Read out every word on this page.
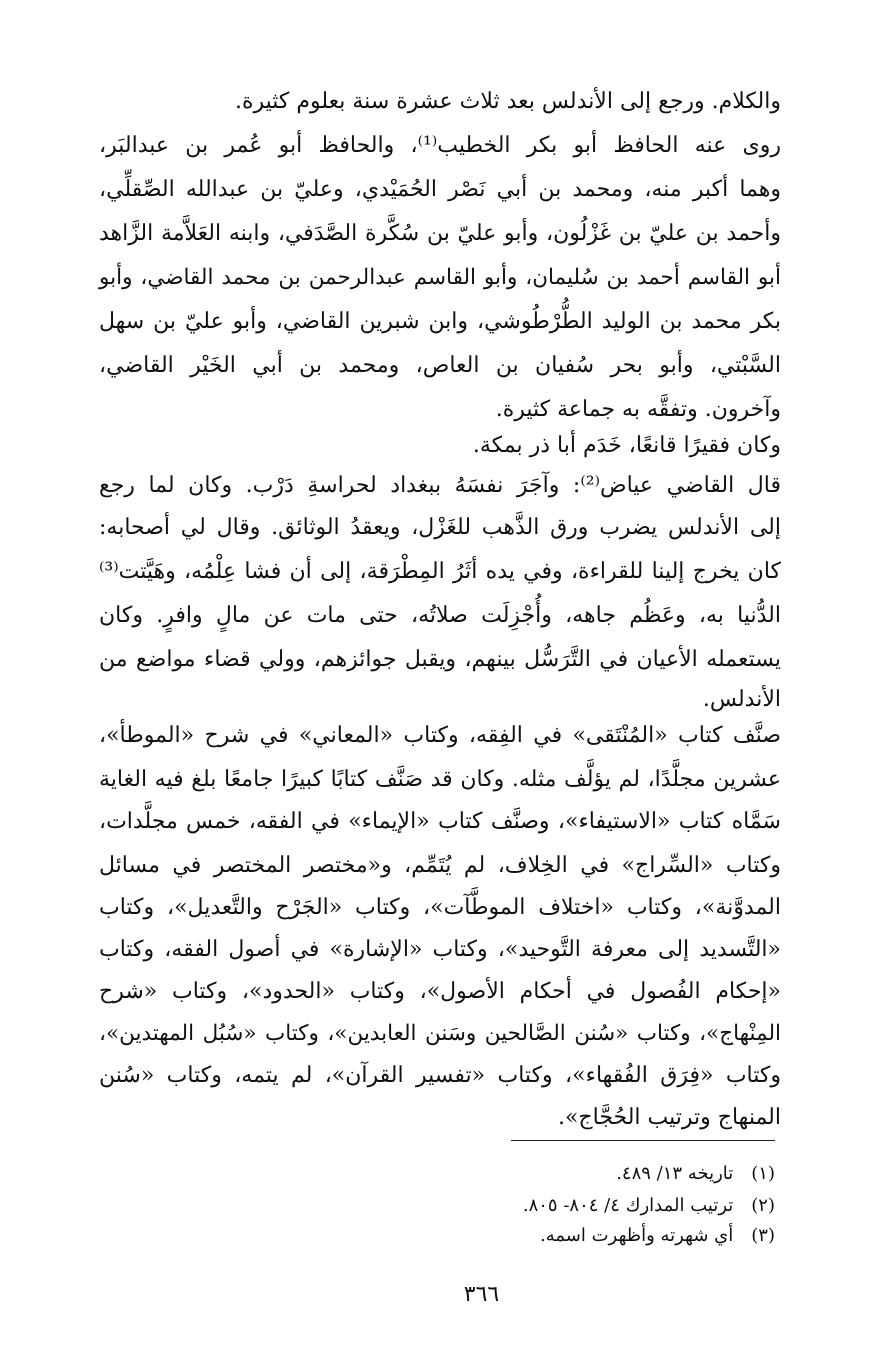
والكلام. ورجع إلى الأندلس بعد ثلاث عشرة سنة بعلوم كثيرة.
روى عنه الحافظ أبو بكر الخطيب⁽¹⁾، والحافظ أبو عُمر بن عبدالبَر،
وهما أكبر منه، ومحمد بن أبي نَصْر الحُمَيْدي، وعليّ بن عبدالله الصِّقلِّي،
وأحمد بن عليّ بن غَزْلُون، وأبو عليّ بن سُكَّرة الصَّدَفي، وابنه العَلاَّمة الزَّاهد
أبو القاسم أحمد بن سُليمان، وأبو القاسم عبدالرحمن بن محمد القاضي، وأبو
بكر محمد بن الوليد الطُّرْطُوشي، وابن شبرين القاضي، وأبو عليّ بن سهل
السَّبْتي، وأبو بحر سُفيان بن العاص، ومحمد بن أبي الخَيْر القاضي،
وآخرون. وتفقَّه به جماعة كثيرة.
وكان فقيرًا قانعًا، خَدَم أبا ذر بمكة.
قال القاضي عياض⁽²⁾: وآجَرَ نفسَهُ ببغداد لحراسةِ دَرْب. وكان لما رجع
إلى الأندلس يضرب ورق الذَّهب للغَزْل، ويعقدُ الوثائق. وقال لي أصحابه:
كان يخرج إلينا للقراءة، وفي يده أثَرُ المِطْرَقة، إلى أن فشا عِلْمُه، وهَيَّتت⁽³⁾
الدُّنيا به، وعَظُم جاهه، وأُجْزِلَت صلاتُه، حتى مات عن مالٍ وافرٍ. وكان
يستعمله الأعيان في التَّرَسُّل بينهم، ويقبل جوائزهم، وولي قضاء مواضع من
الأندلس.
صنَّف كتاب «المُنْتَقى» في الفِقه، وكتاب «المعاني» في شرح «الموطأ»،
عشرين مجلَّدًا، لم يؤلَّف مثله. وكان قد صَنَّف كتابًا كبيرًا جامعًا بلغ فيه الغاية
سَمَّاه كتاب «الاستيفاء»، وصنَّف كتاب «الإيماء» في الفقه، خمس مجلَّدات،
وكتاب «السِّراج» في الخِلاف، لم يُتَمِّم، و«مختصر المختصر في مسائل
المدوَّنة»، وكتاب «اختلاف الموطَّآت»، وكتاب «الجَرْح والتَّعديل»، وكتاب
«التَّسديد إلى معرفة التَّوحيد»، وكتاب «الإشارة» في أصول الفقه، وكتاب
«إحكام الفُصول في أحكام الأصول»، وكتاب «الحدود»، وكتاب «شرح
المِنْهاج»، وكتاب «سُنن الصَّالحين وسَنن العابدين»، وكتاب «سُبُل المهتدين»،
وكتاب «فِرَق الفُقهاء»، وكتاب «تفسير القرآن»، لم يتمه، وكتاب «سُنن
المنهاج وترتيب الحُجَّاج».
(١) تاريخه ١٣/ ٤٨٩.
(٢) ترتيب المدارك ٤/ ٨٠٤- ٨٠٥.
(٣) أي شهرته وأظهرت اسمه.
٣٦٦
